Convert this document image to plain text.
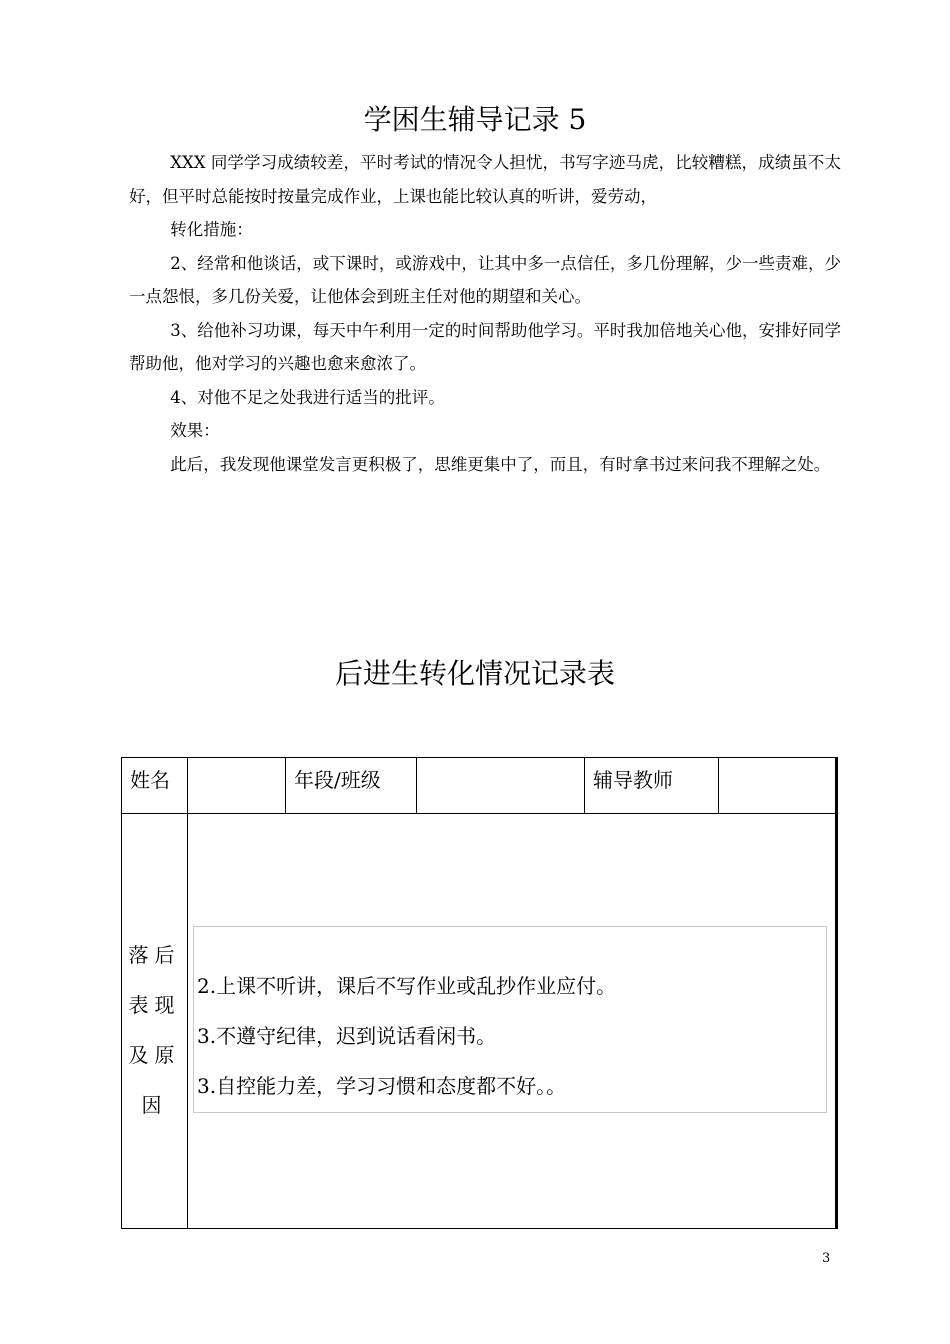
学困生辅导记录 5

XXX 同学学习成绩较差，平时考试的情况令人担忧，书写字迹马虎，比较糟糕，成绩虽不太好，但平时总能按时按量完成作业，上课也能比较认真的听讲，爱劳动，

转化措施：

2、经常和他谈话，或下课时，或游戏中，让其中多一点信任，多几份理解，少一些责难，少一点怨恨，多几份关爱，让他体会到班主任对他的期望和关心。

3、给他补习功课，每天中午利用一定的时间帮助他学习。平时我加倍地关心他，安排好同学帮助他，他对学习的兴趣也愈来愈浓了。

4、对他不足之处我进行适当的批评。

效果：

此后，我发现他课堂发言更积极了，思维更集中了，而且，有时拿书过来问我不理解之处。

后进生转化情况记录表
姓名		年段/班级		辅导教师	

落后
表现
及原
因					

2.上课不听讲，课后不写作业或乱抄作业应付。
3.不遵守纪律，迟到说话看闲书。
3.自控能力差，学习习惯和态度都不好。。
3
